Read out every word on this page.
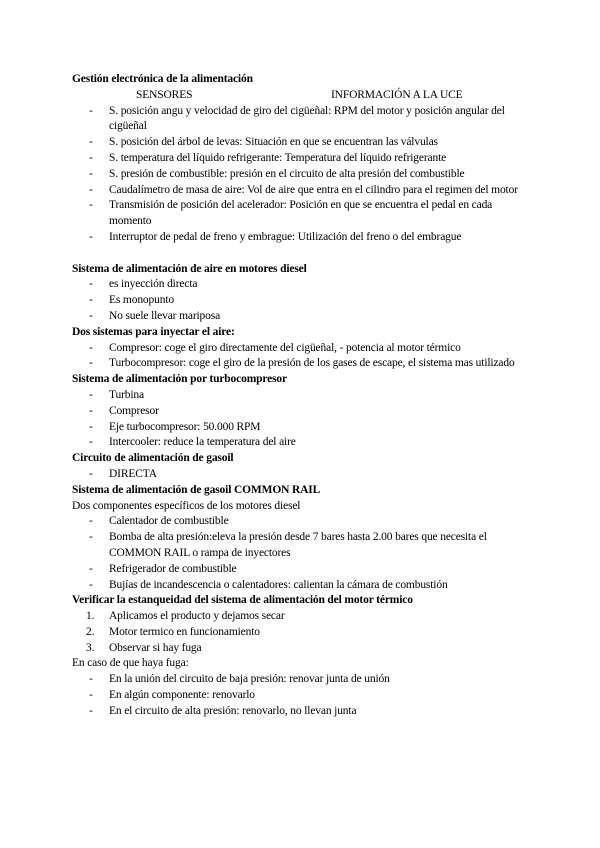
Gestión electrónica de la alimentación
SENSORES	INFORMACIÓN A LA UCE
- S. posición angu y velocidad de giro del cigüeñal: RPM del motor y posición angular del cigüeñal
- S. posición del árbol de levas: Situación en que se encuentran las válvulas
- S. temperatura del líquido refrigerante: Temperatura del líquido refrigerante
- S. presión de combustible: presión en el circuito de alta presión del combustible
- Caudalímetro de masa de aire: Vol de aire que entra en el cilindro para el regimen del motor
- Transmisión de posición del acelerador: Posición en que se encuentra el pedal en cada momento
- Interruptor de pedal de freno y embrague: Utilización del freno o del embrague
Sistema de alimentación de aire en motores diesel
- es inyección directa
- Es monopunto
- No suele llevar mariposa
Dos sistemas para inyectar el aire:
- Compresor: coge el giro directamente del cigüeñal, - potencia al motor térmico
- Turbocompresor: coge el giro de la presión de los gases de escape, el sistema mas utilizado
Sistema de alimentación por turbocompresor
- Turbina
- Compresor
- Eje turbocompresor: 50.000 RPM
- Intercooler: reduce la temperatura del aire
Circuito de alimentación de gasoil
- DIRECTA
Sistema de alimentación de gasoil COMMON RAIL
Dos componentes específicos de los motores diesel
- Calentador de combustible
- Bomba de alta presión:eleva la presión desde 7 bares hasta 2.00 bares que necesita el COMMON RAIL o rampa de inyectores
- Refrigerador de combustible
- Bujías de incandescencia o calentadores: calientan la cámara de combustión
Verificar la estanqueidad del sistema de alimentación del motor térmico
1. Aplicamos el producto y dejamos secar
2. Motor termico en funcionamiento
3. Observar si hay fuga
En caso de que haya fuga:
- En la unión del circuito de baja presión: renovar junta de unión
- En algún componente: renovarlo
- En el circuito de alta presión: renovarlo, no llevan junta
